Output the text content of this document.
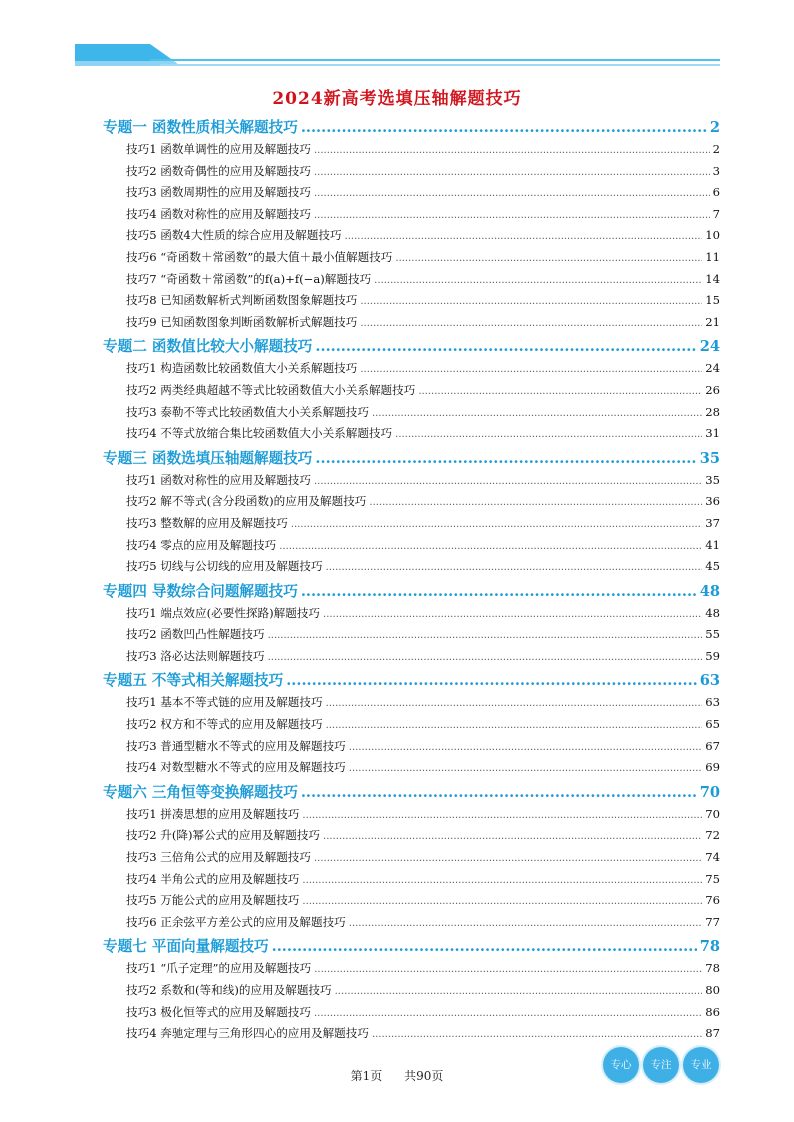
2024新高考选填压轴解题技巧
专题一 函数性质相关解题技巧 .....	2
技巧1 函数单调性的应用及解题技巧 .....	2
技巧2 函数奇偶性的应用及解题技巧 .....	3
技巧3 函数周期性的应用及解题技巧 .....	6
技巧4 函数对称性的应用及解题技巧 .....	7
技巧5 函数4大性质的综合应用及解题技巧 .....	10
技巧6 “奇函数＋常函数”的最大值＋最小值解题技巧 .....	11
技巧7 “奇函数＋常函数”的f(a)+f(−a)解题技巧 .....	14
技巧8 已知函数解析式判断函数图象解题技巧 .....	15
技巧9 已知函数图象判断函数解析式解题技巧 .....	21
专题二 函数值比较大小解题技巧 .....	24
技巧1 构造函数比较函数值大小关系解题技巧 .....	24
技巧2 两类经典超越不等式比较函数值大小关系解题技巧 .....	26
技巧3 泰勒不等式比较函数值大小关系解题技巧 .....	28
技巧4 不等式放缩合集比较函数值大小关系解题技巧 .....	31
专题三 函数选填压轴题解题技巧 .....	35
技巧1 函数对称性的应用及解题技巧 .....	35
技巧2 解不等式(含分段函数)的应用及解题技巧 .....	36
技巧3 整数解的应用及解题技巧 .....	37
技巧4 零点的应用及解题技巧 .....	41
技巧5 切线与公切线的应用及解题技巧 .....	45
专题四 导数综合问题解题技巧 .....	48
技巧1 端点效应(必要性探路)解题技巧 .....	48
技巧2 函数凹凸性解题技巧 .....	55
技巧3 洛必达法则解题技巧 .....	59
专题五 不等式相关解题技巧 .....	63
技巧1 基本不等式链的应用及解题技巧 .....	63
技巧2 权方和不等式的应用及解题技巧 .....	65
技巧3 普通型糖水不等式的应用及解题技巧 .....	67
技巧4 对数型糖水不等式的应用及解题技巧 .....	69
专题六 三角恒等变换解题技巧 .....	70
技巧1 拼凑思想的应用及解题技巧 .....	70
技巧2 升(降)幂公式的应用及解题技巧 .....	72
技巧3 三倍角公式的应用及解题技巧 .....	74
技巧4 半角公式的应用及解题技巧 .....	75
技巧5 万能公式的应用及解题技巧 .....	76
技巧6 正余弦平方差公式的应用及解题技巧 .....	77
专题七 平面向量解题技巧 .....	78
技巧1 “爪子定理”的应用及解题技巧 .....	78
技巧2 系数和(等和线)的应用及解题技巧 .....	80
技巧3 极化恒等式的应用及解题技巧 .....	86
技巧4 奔驰定理与三角形四心的应用及解题技巧 .....	87
第1页 共90页
专心	专注	专业
